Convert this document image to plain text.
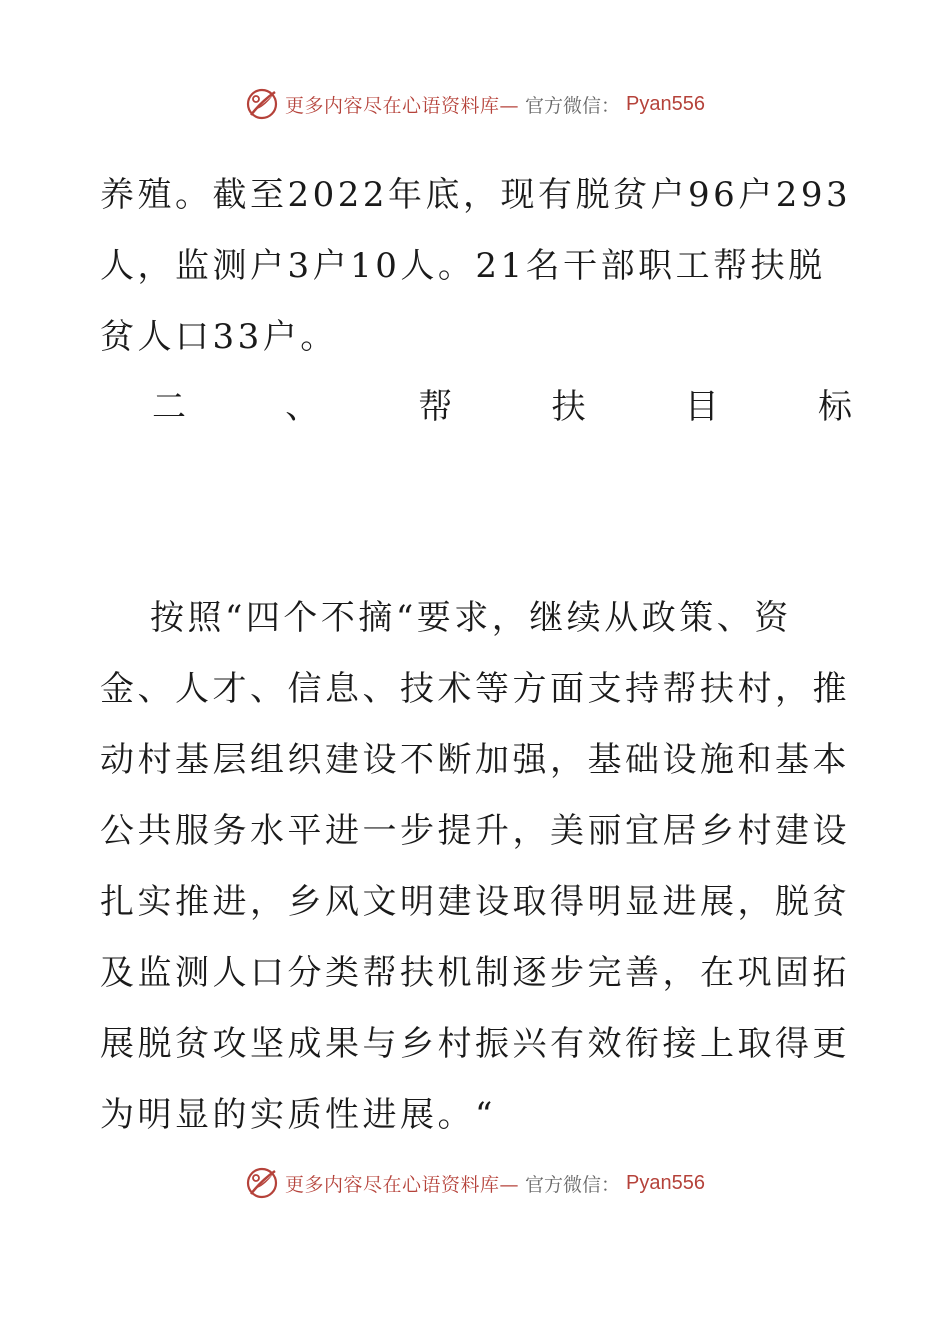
更多内容尽在心语资料库— 官方微信： Pyan556
养殖。截至2022年底，现有脱贫户96户293人，监测户3户10人。21名干部职工帮扶脱贫人口33户。
二	、	帮	扶	目	标
按照“四个不摘“要求，继续从政策、资金、人才、信息、技术等方面支持帮扶村，推动村基层组织建设不断加强，基础设施和基本公共服务水平进一步提升，美丽宜居乡村建设扎实推进，乡风文明建设取得明显进展，脱贫及监测人口分类帮扶机制逐步完善，在巩固拓展脱贫攻坚成果与乡村振兴有效衔接上取得更为明显的实质性进展。“
更多内容尽在心语资料库— 官方微信： Pyan556
